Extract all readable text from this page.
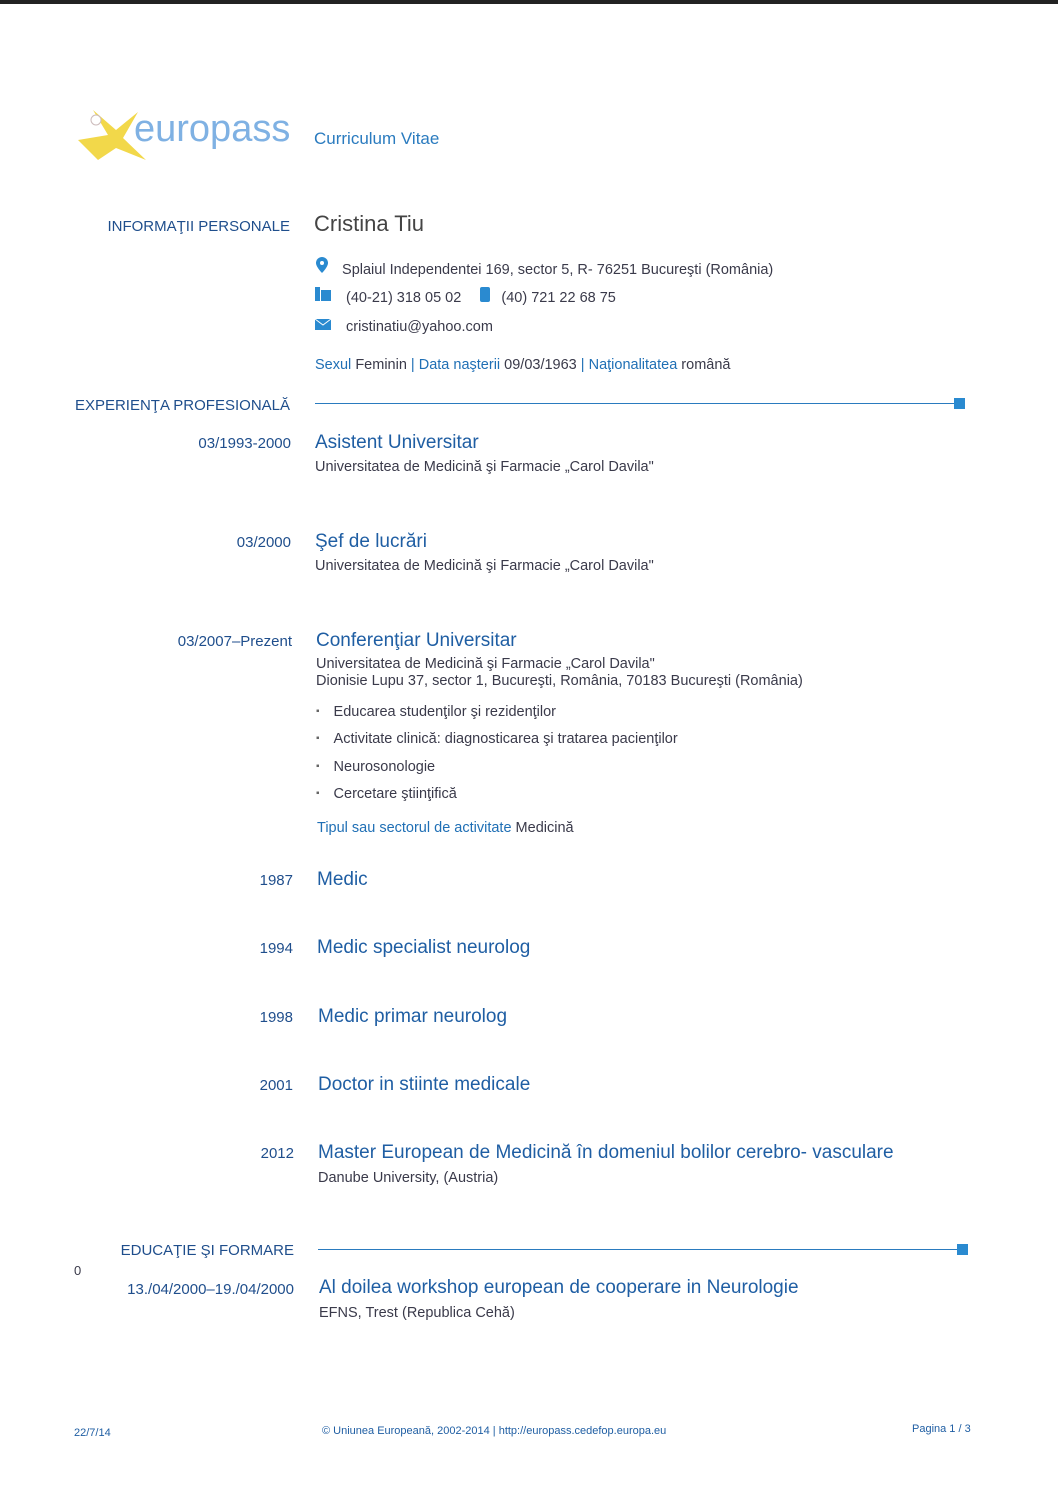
europass Curriculum Vitae
INFORMAŢII PERSONALE Cristina Tiu
Splaiul Independentei 169, sector 5, R- 76251 Bucureşti (România)
(40-21) 318 05 02	(40) 721 22 68 75
cristinatiu@yahoo.com
Sexul Feminin | Data naşterii 09/03/1963 | Naţionalitatea română
EXPERIENŢA PROFESIONALĂ
03/1993-2000 Asistent Universitar
Universitatea de Medicină şi Farmacie „Carol Davila"
03/2000 Şef de lucrări
Universitatea de Medicină şi Farmacie „Carol Davila"
03/2007–Prezent Conferenţiar Universitar
Universitatea de Medicină şi Farmacie „Carol Davila"
Dionisie Lupu 37, sector 1, Bucureşti, România, 70183 Bucureşti (România)
▪ Educarea studenţilor şi rezidenţilor
▪ Activitate clinică: diagnosticarea şi tratarea pacienţilor
▪ Neurosonologie
▪ Cercetare ştiinţifică
Tipul sau sectorul de activitate Medicină
1987 Medic
1994 Medic specialist neurolog
1998 Medic primar neurolog
2001 Doctor in stiinte medicale
2012 Master European de Medicină în domeniul bolilor cerebro- vasculare
Danube University, (Austria)
EDUCAŢIE ŞI FORMARE
0
13./04/2000–19./04/2000 Al doilea workshop european de cooperare in Neurologie
EFNS, Trest (Republica Cehă)
22/7/14	© Uniunea Europeană, 2002-2014 | http://europass.cedefop.europa.eu	Pagina 1 / 3
